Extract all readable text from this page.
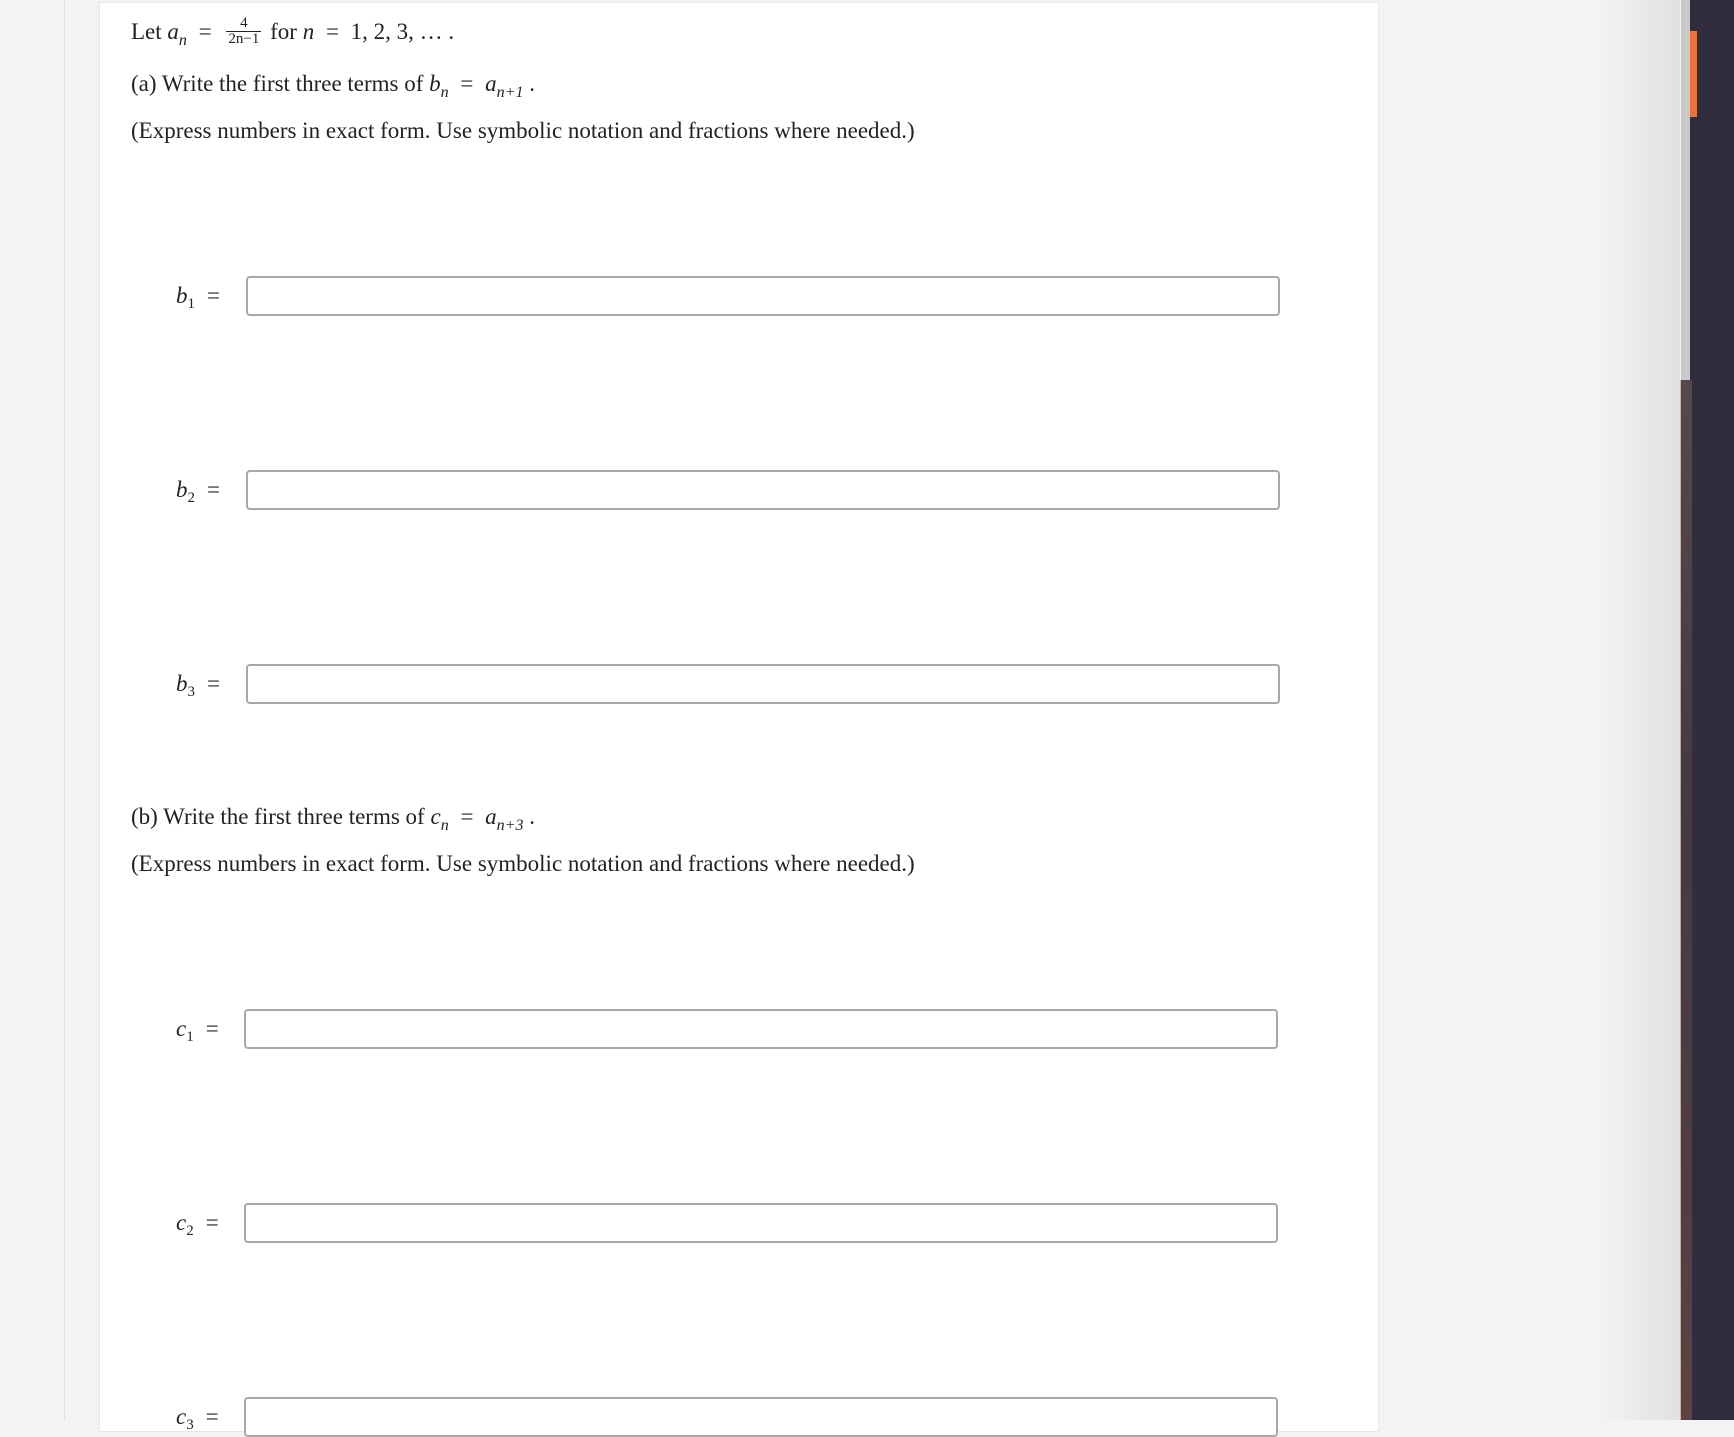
Let $a_n = \frac{4}{2n-1}$ for n = 1, 2, 3, … .
(a) Write the first three terms of $b_n = a_{n+1}$ .
(Express numbers in exact form. Use symbolic notation and fractions where needed.)
$b_1$ =
$b_2$ =
$b_3$ =
(b) Write the first three terms of $c_n = a_{n+3}$ .
(Express numbers in exact form. Use symbolic notation and fractions where needed.)
$c_1$ =
$c_2$ =
$c_3$ =
